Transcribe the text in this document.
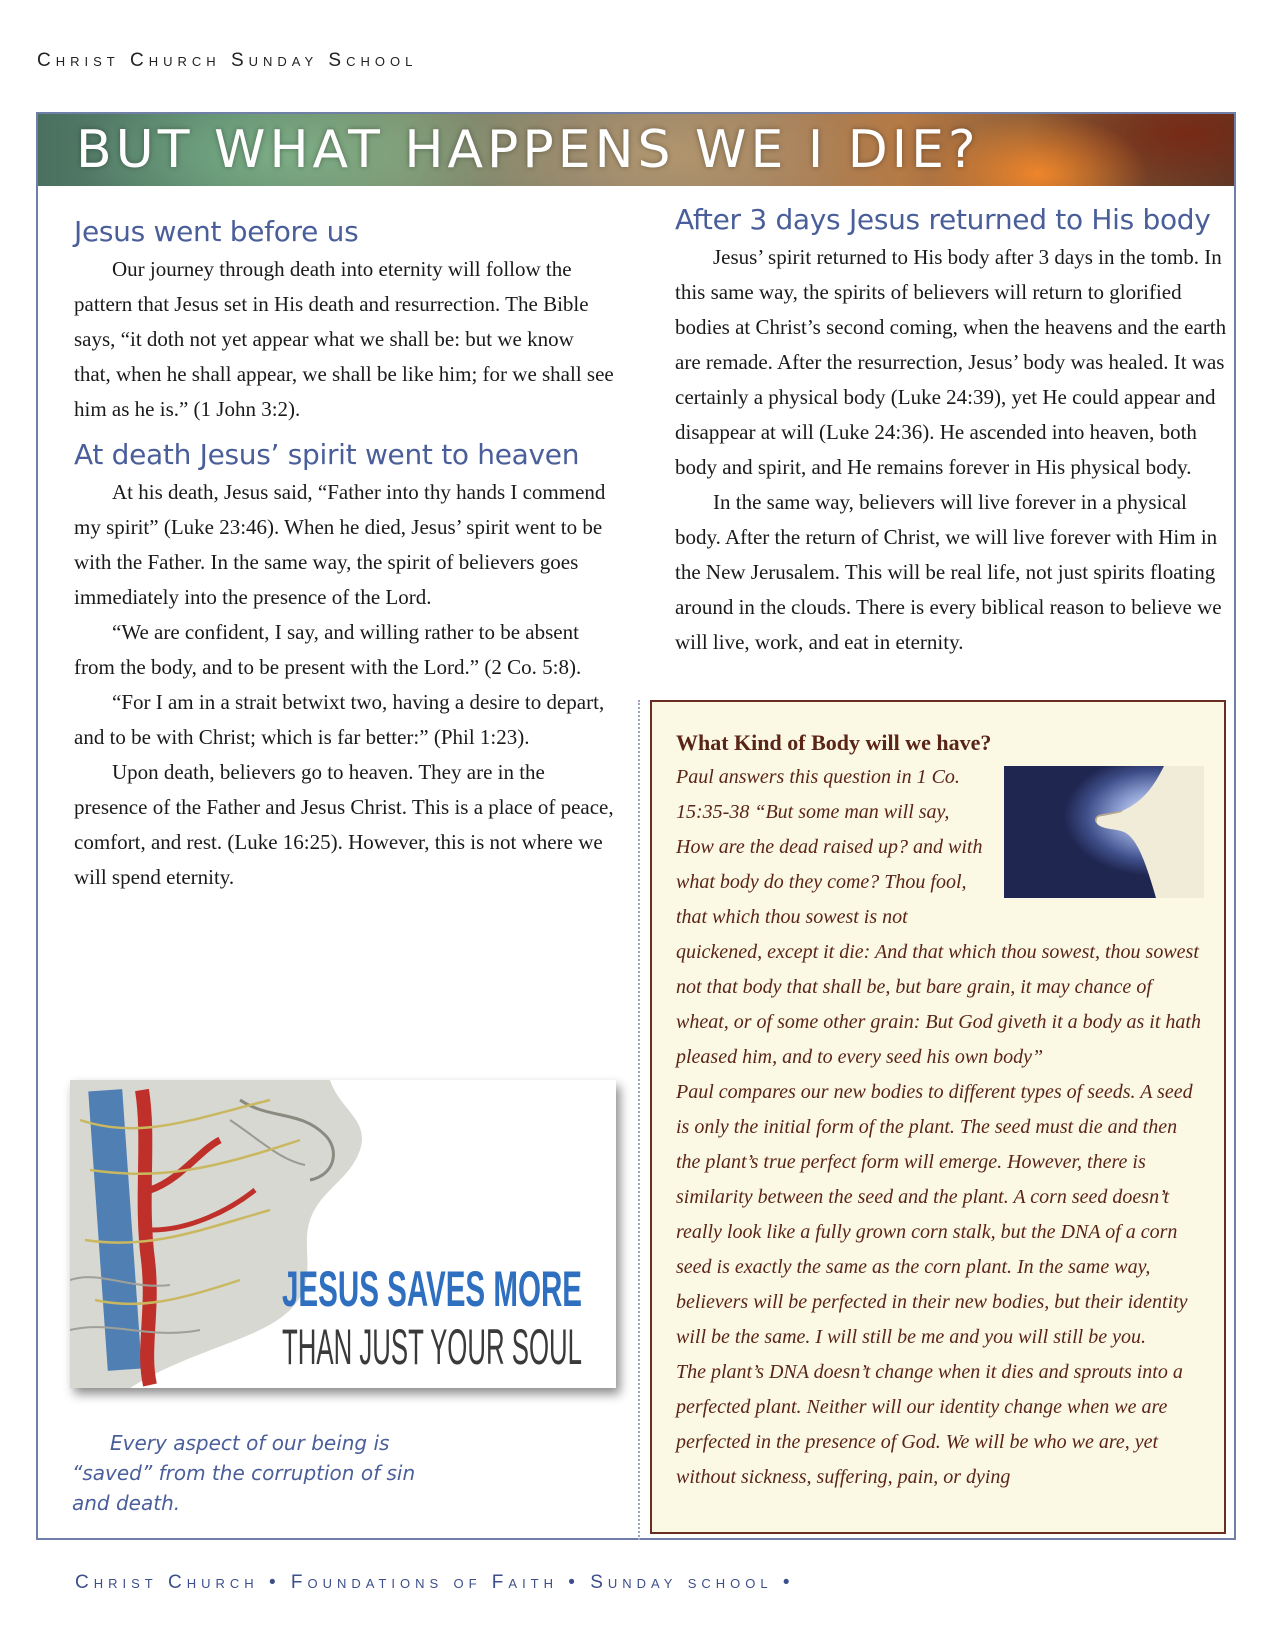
Christ Church Sunday School
BUT WHAT HAPPENS WE I DIE?
Jesus went before us

Our journey through death into eternity will follow the pattern that Jesus set in His death and resurrection. The Bible says, “it doth not yet appear what we shall be: but we know that, when he shall appear, we shall be like him; for we shall see him as he is.” (1 John 3:2).

At death Jesus’ spirit went to heaven

At his death, Jesus said, “Father into thy hands I commend my spirit” (Luke 23:46). When he died, Jesus’ spirit went to be with the Father. In the same way, the spirit of believers goes immediately into the presence of the Lord.

“We are confident, I say, and willing rather to be absent from the body, and to be present with the Lord.” (2 Co. 5:8).

“For I am in a strait betwixt two, having a desire to depart, and to be with Christ; which is far better:” (Phil 1:23).

Upon death, believers go to heaven. They are in the presence of the Father and Jesus Christ. This is a place of peace, comfort, and rest. (Luke 16:25). However, this is not where we will spend eternity.

JESUS SAVES MORE
THAN JUST YOUR SOUL

Every aspect of our being is “saved” from the corruption of sin and death.

After 3 days Jesus returned to His body

Jesus’ spirit returned to His body after 3 days in the tomb. In this same way, the spirits of believers will return to glorified bodies at Christ’s second coming, when the heavens and the earth are remade. After the resurrection, Jesus’ body was healed. It was certainly a physical body (Luke 24:39), yet He could appear and disappear at will (Luke 24:36). He ascended into heaven, both body and spirit, and He remains forever in His physical body.

In the same way, believers will live forever in a physical body. After the return of Christ, we will live forever with Him in the New Jerusalem. This will be real life, not just spirits floating around in the clouds. There is every biblical reason to believe we will live, work, and eat in eternity.

What Kind of Body will we have?

Paul answers this question in 1 Co. 15:35-38 “But some man will say, How are the dead raised up? and with what body do they come? Thou fool, that which thou sowest is not quickened, except it die: And that which thou sowest, thou sowest not that body that shall be, but bare grain, it may chance of wheat, or of some other grain: But God giveth it a body as it hath pleased him, and to every seed his own body”

Paul compares our new bodies to different types of seeds. A seed is only the initial form of the plant. The seed must die and then the plant’s true perfect form will emerge. However, there is similarity between the seed and the plant. A corn seed doesn’t really look like a fully grown corn stalk, but the DNA of a corn seed is exactly the same as the corn plant. In the same way, believers will be perfected in their new bodies, but their identity will be the same. I will still be me and you will still be you.

The plant’s DNA doesn’t change when it dies and sprouts into a perfected plant. Neither will our identity change when we are perfected in the presence of God. We will be who we are, yet without sickness, suffering, pain, or dying

Christ Church • Foundations of Faith • Sunday school •
